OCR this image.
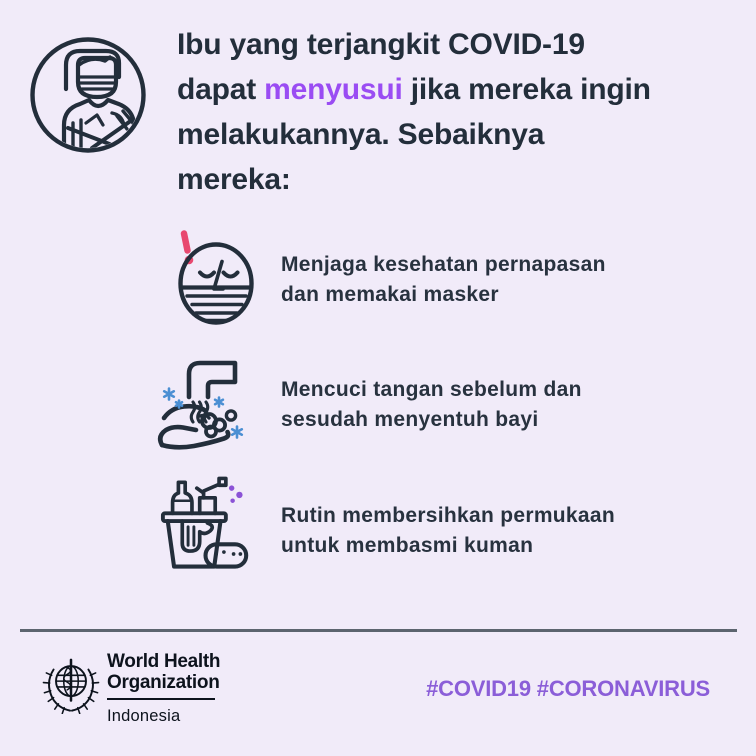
Ibu yang terjangkit COVID-19
dapat menyusui jika mereka ingin
melakukannya. Sebaiknya
mereka:
Menjaga kesehatan pernapasan
dan memakai masker
Mencuci tangan sebelum dan
sesudah menyentuh bayi
Rutin membersihkan permukaan
untuk membasmi kuman
World Health
Organization
Indonesia
#COVID19 #CORONAVIRUS
